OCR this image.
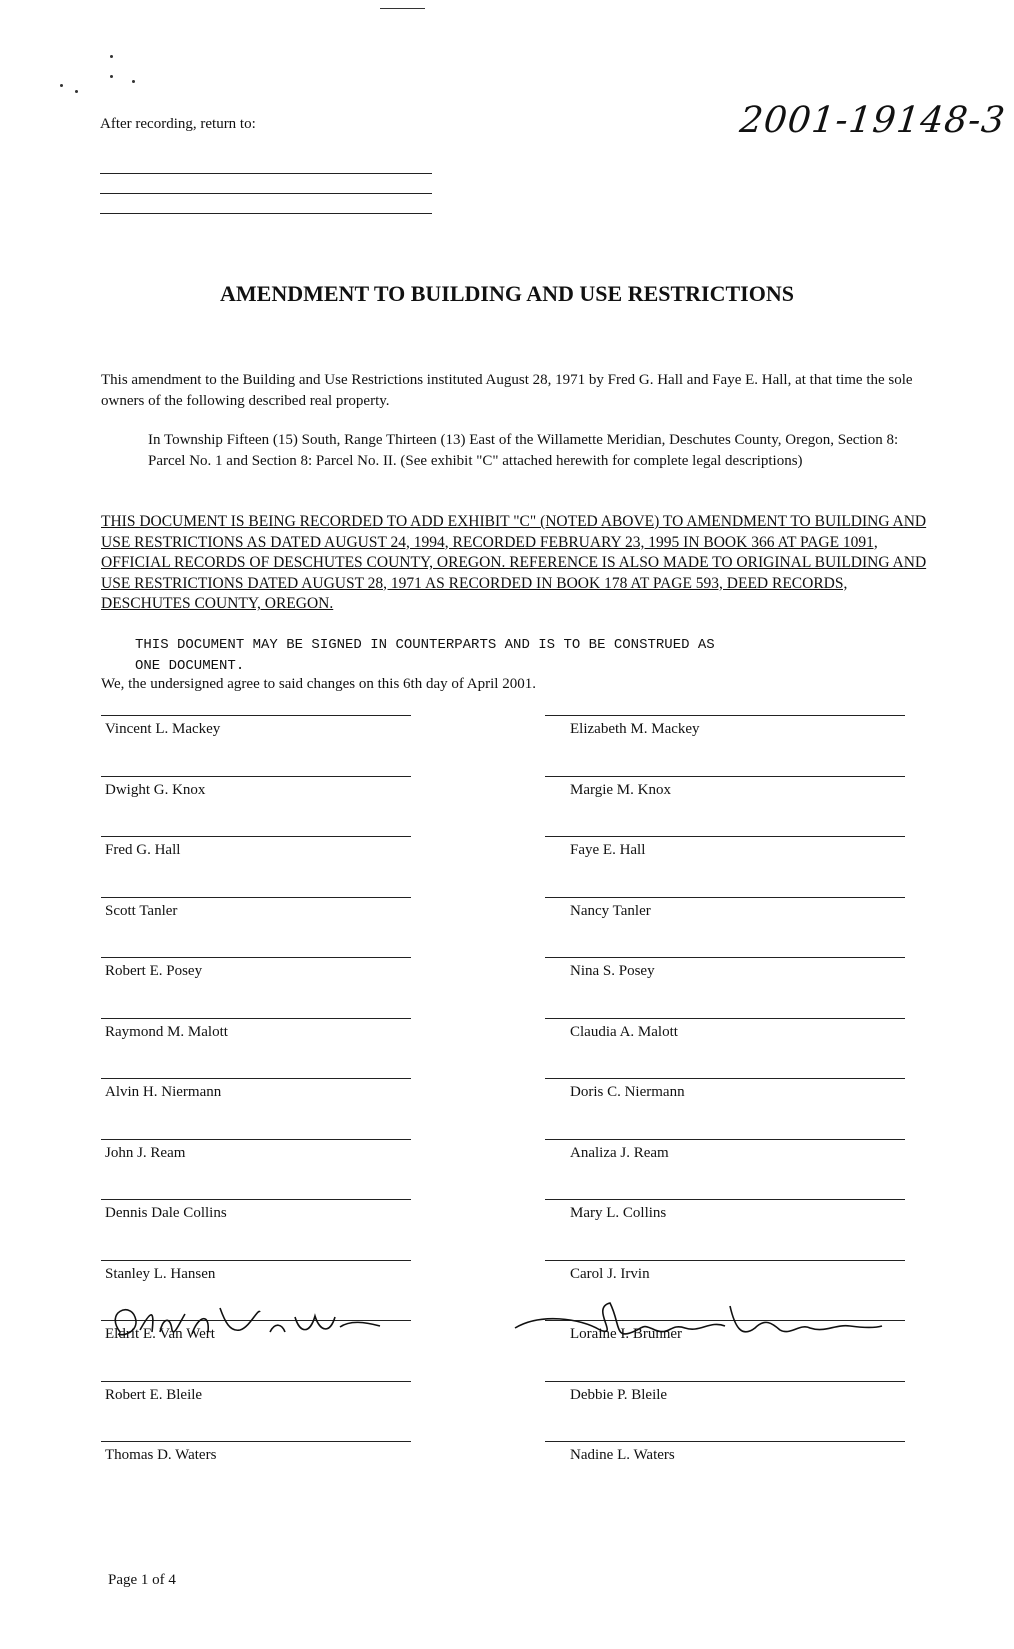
After recording, return to:	2001-19148-3
AMENDMENT TO BUILDING AND USE RESTRICTIONS
This amendment to the Building and Use Restrictions instituted August 28, 1971 by Fred G. Hall and Faye E. Hall, at that time the sole owners of the following described real property.
In Township Fifteen (15) South, Range Thirteen (13) East of the Willamette Meridian, Deschutes County, Oregon, Section 8: Parcel No. 1 and Section 8: Parcel No. II. (See exhibit "C" attached herewith for complete legal descriptions)
THIS DOCUMENT IS BEING RECORDED TO ADD EXHIBIT "C" (NOTED ABOVE) TO AMENDMENT TO BUILDING AND USE RESTRICTIONS AS DATED AUGUST 24, 1994, RECORDED FEBRUARY 23, 1995 IN BOOK 366 AT PAGE 1091, OFFICIAL RECORDS OF DESCHUTES COUNTY, OREGON. REFERENCE IS ALSO MADE TO ORIGINAL BUILDING AND USE RESTRICTIONS DATED AUGUST 28, 1971 AS RECORDED IN BOOK 178 AT PAGE 593, DEED RECORDS, DESCHUTES COUNTY, OREGON.
THIS DOCUMENT MAY BE SIGNED IN COUNTERPARTS AND IS TO BE CONSTRUED AS
ONE DOCUMENT.
We, the undersigned agree to said changes on this 6th day of April 2001.
Vincent L. Mackey
Dwight G. Knox
Fred G. Hall
Scott Tanler
Robert E. Posey
Raymond M. Malott
Alvin H. Niermann
John J. Ream
Dennis Dale Collins
Stanley L. Hansen
Eldrit E. Van Wert
Robert E. Bleile
Thomas D. Waters
Elizabeth M. Mackey
Margie M. Knox
Faye E. Hall
Nancy Tanler
Nina S. Posey
Claudia A. Malott
Doris C. Niermann
Analiza J. Ream
Mary L. Collins
Carol J. Irvin
Loraine I. Brunner
Debbie P. Bleile
Nadine L. Waters
Page 1 of 4
